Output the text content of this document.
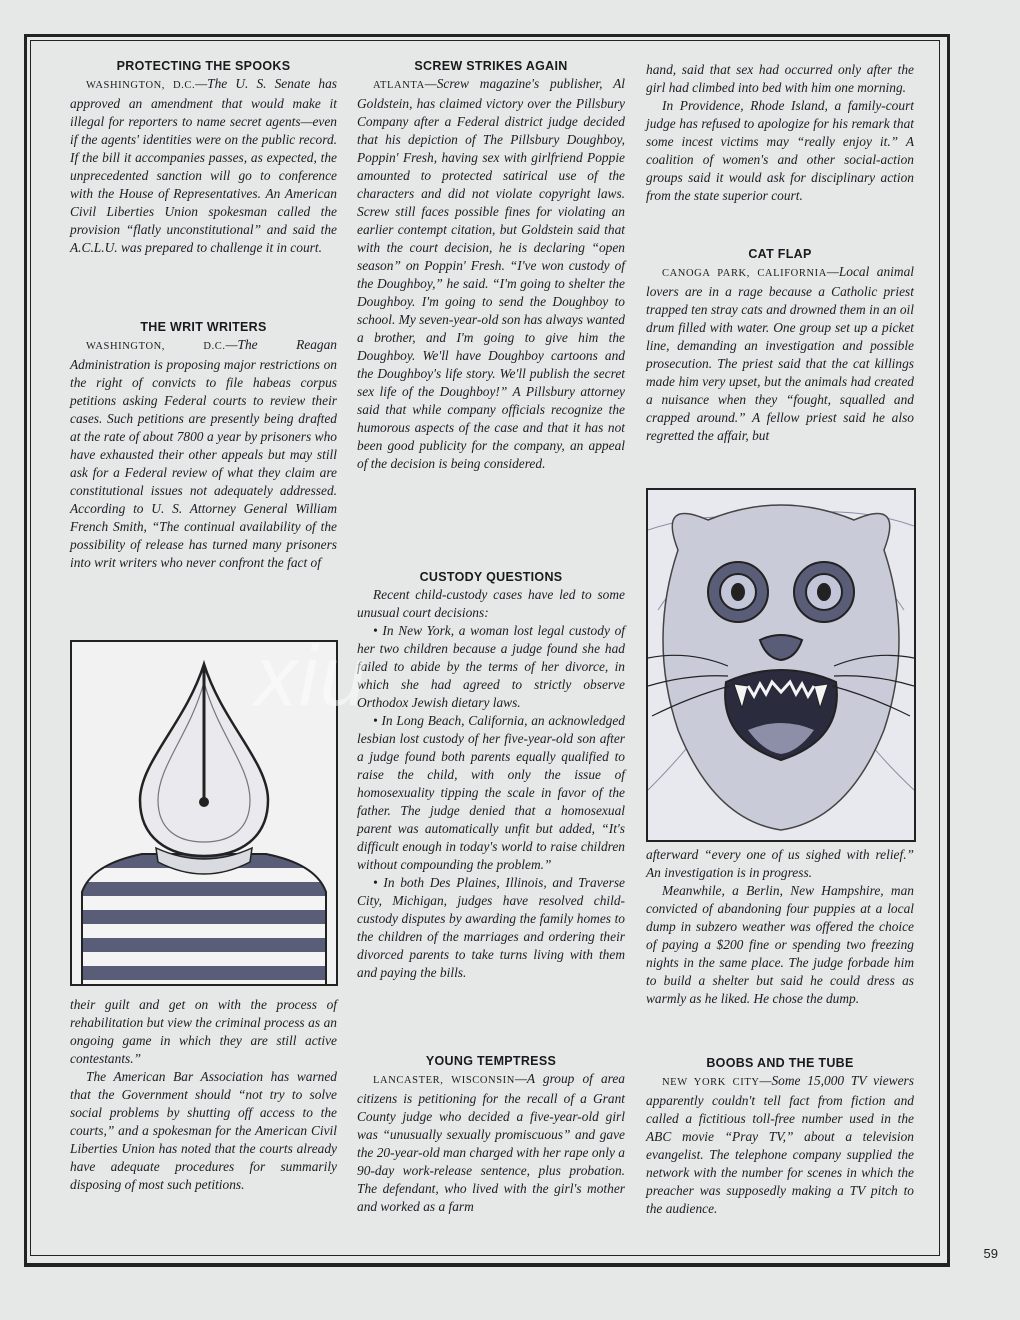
PROTECTING THE SPOOKS

WASHINGTON, D.C.—The U. S. Senate has approved an amendment that would make it illegal for reporters to name secret agents—even if the agents' identities were on the public record. If the bill it accompanies passes, as expected, the unprecedented sanction will go to conference with the House of Representatives. An American Civil Liberties Union spokesman called the provision “flatly unconstitutional” and said the A.C.L.U. was prepared to challenge it in court.

THE WRIT WRITERS

WASHINGTON, D.C.—The Reagan Administration is proposing major restrictions on the right of convicts to file habeas corpus petitions asking Federal courts to review their cases. Such petitions are presently being drafted at the rate of about 7800 a year by prisoners who have exhausted their other appeals but may still ask for a Federal review of what they claim are constitutional issues not adequately addressed. According to U. S. Attorney General William French Smith, “The continual availability of the possibility of release has turned many prisoners into writ writers who never confront the fact of

their guilt and get on with the process of rehabilitation but view the criminal process as an ongoing game in which they are still active contestants.”

The American Bar Association has warned that the Government should “not try to solve social problems by shutting off access to the courts,” and a spokesman for the American Civil Liberties Union has noted that the courts already have adequate procedures for summarily disposing of most such petitions.

SCREW STRIKES AGAIN

ATLANTA—Screw magazine's publisher, Al Goldstein, has claimed victory over the Pillsbury Company after a Federal district judge decided that his depiction of The Pillsbury Doughboy, Poppin' Fresh, having sex with girlfriend Poppie amounted to protected satirical use of the characters and did not violate copyright laws. Screw still faces possible fines for violating an earlier contempt citation, but Goldstein said that with the court decision, he is declaring “open season” on Poppin' Fresh. “I've won custody of the Doughboy,” he said. “I'm going to shelter the Doughboy. I'm going to send the Doughboy to school. My seven-year-old son has always wanted a brother, and I'm going to give him the Doughboy. We'll have Doughboy cartoons and the Doughboy's life story. We'll publish the secret sex life of the Doughboy!” A Pillsbury attorney said that while company officials recognize the humorous aspects of the case and that it has not been good publicity for the company, an appeal of the decision is being considered.

CUSTODY QUESTIONS

Recent child-custody cases have led to some unusual court decisions:

• In New York, a woman lost legal custody of her two children because a judge found she had failed to abide by the terms of her divorce, in which she had agreed to strictly observe Orthodox Jewish dietary laws.

• In Long Beach, California, an acknowledged lesbian lost custody of her five-year-old son after a judge found both parents equally qualified to raise the child, with only the issue of homosexuality tipping the scale in favor of the father. The judge denied that a homosexual parent was automatically unfit but added, “It's difficult enough in today's world to raise children without compounding the problem.”

• In both Des Plaines, Illinois, and Traverse City, Michigan, judges have resolved child-custody disputes by awarding the family homes to the children of the marriages and ordering their divorced parents to take turns living with them and paying the bills.

YOUNG TEMPTRESS

LANCASTER, WISCONSIN—A group of area citizens is petitioning for the recall of a Grant County judge who decided a five-year-old girl was “unusually sexually promiscuous” and gave the 20-year-old man charged with her rape only a 90-day work-release sentence, plus probation. The defendant, who lived with the girl's mother and worked as a farm

hand, said that sex had occurred only after the girl had climbed into bed with him one morning.

In Providence, Rhode Island, a family-court judge has refused to apologize for his remark that some incest victims may “really enjoy it.” A coalition of women's and other social-action groups said it would ask for disciplinary action from the state superior court.

CAT FLAP

CANOGA PARK, CALIFORNIA—Local animal lovers are in a rage because a Catholic priest trapped ten stray cats and drowned them in an oil drum filled with water. One group set up a picket line, demanding an investigation and possible prosecution. The priest said that the cat killings made him very upset, but the animals had created a nuisance when they “fought, squalled and crapped around.” A fellow priest said he also regretted the affair, but

afterward “every one of us sighed with relief.” An investigation is in progress.

Meanwhile, a Berlin, New Hampshire, man convicted of abandoning four puppies at a local dump in subzero weather was offered the choice of paying a $200 fine or spending two freezing nights in the same place. The judge forbade him to build a shelter but said he could dress as warmly as he liked. He chose the dump.

BOOBS AND THE TUBE

NEW YORK CITY—Some 15,000 TV viewers apparently couldn't tell fact from fiction and called a fictitious toll-free number used in the ABC movie “Pray TV,” about a television evangelist. The telephone company supplied the network with the number for scenes in which the preacher was supposedly making a TV pitch to the audience.

59
xiu
